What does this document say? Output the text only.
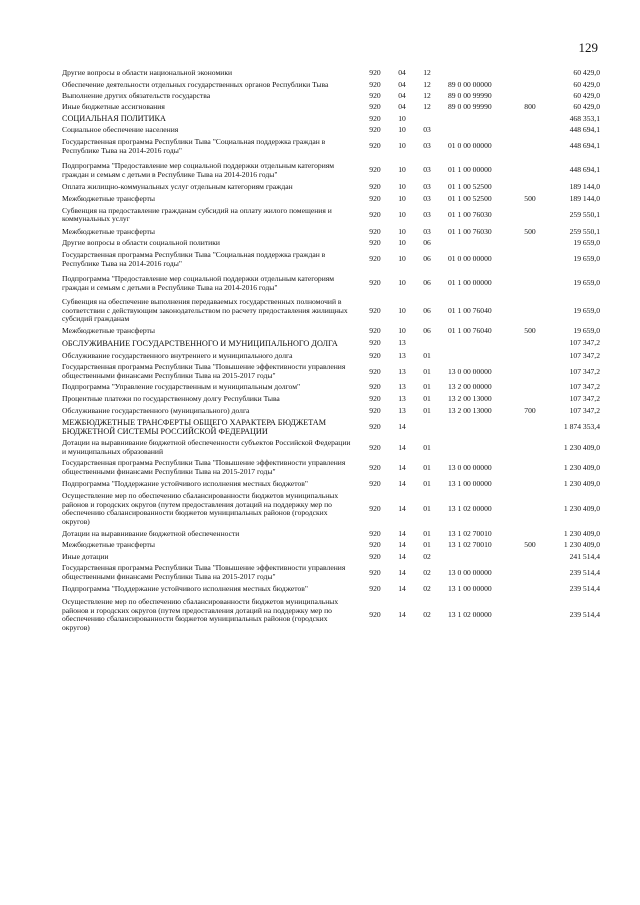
129
Другие вопросы в области национальной экономики	920	04	12			60 429,0
Обеспечение деятельности отдельных государственных органов Республики Тыва	920	04	12	89 0 00 00000		60 429,0
Выполнение других обязательств государства	920	04	12	89 0 00 99990		60 429,0
Иные бюджетные ассигнования	920	04	12	89 0 00 99990	800	60 429,0
СОЦИАЛЬНАЯ ПОЛИТИКА	920	10				468 353,1
Социальное обеспечение населения	920	10	03			448 694,1
Государственная программа Республики Тыва "Социальная поддержка граждан в Республике Тыва на 2014-2016 годы"	920	10	03	01 0 00 00000		448 694,1
Подпрограмма "Предоставление мер социальной поддержки отдельным категориям граждан и семьям с детьми в Республике Тыва на 2014-2016 годы"	920	10	03	01 1 00 00000		448 694,1
Оплата жилищно-коммунальных услуг отдельным категориям граждан	920	10	03	01 1 00 52500		189 144,0
Межбюджетные трансферты	920	10	03	01 1 00 52500	500	189 144,0
Субвенция на предоставление гражданам субсидий на оплату жилого помещения и коммунальных услуг	920	10	03	01 1 00 76030		259 550,1
Межбюджетные трансферты	920	10	03	01 1 00 76030	500	259 550,1
Другие вопросы в области социальной политики	920	10	06			19 659,0
Государственная программа Республики Тыва "Социальная поддержка граждан в Республике Тыва на 2014-2016 годы"	920	10	06	01 0 00 00000		19 659,0
Подпрограмма "Предоставление мер социальной поддержки отдельным категориям граждан и семьям с детьми в Республике Тыва на 2014-2016 годы"	920	10	06	01 1 00 00000		19 659,0
Субвенция на обеспечение выполнения передаваемых государственных полномочий в соответствии с действующим законодательством по расчету предоставления жилищных субсидий гражданам	920	10	06	01 1 00 76040		19 659,0
Межбюджетные трансферты	920	10	06	01 1 00 76040	500	19 659,0
ОБСЛУЖИВАНИЕ ГОСУДАРСТВЕННОГО И МУНИЦИПАЛЬНОГО ДОЛГА	920	13				107 347,2
Обслуживание государственного внутреннего и муниципального долга	920	13	01			107 347,2
Государственная программа Республики Тыва "Повышение эффективности управления общественными финансами Республики Тыва на 2015-2017 годы"	920	13	01	13 0 00 00000		107 347,2
Подпрограмма "Управление государственным и муниципальным долгом"	920	13	01	13 2 00 00000		107 347,2
Процентные платежи по государственному долгу Республики Тыва	920	13	01	13 2 00 13000		107 347,2
Обслуживание государственного (муниципального) долга	920	13	01	13 2 00 13000	700	107 347,2
МЕЖБЮДЖЕТНЫЕ ТРАНСФЕРТЫ ОБЩЕГО ХАРАКТЕРА БЮДЖЕТАМ БЮДЖЕТНОЙ СИСТЕМЫ РОССИЙСКОЙ ФЕДЕРАЦИИ	920	14				1 874 353,4
Дотации на выравнивание бюджетной обеспеченности субъектов Российской Федерации и муниципальных образований	920	14	01			1 230 409,0
Государственная программа Республики Тыва "Повышение эффективности управления общественными финансами Республики Тыва на 2015-2017 годы"	920	14	01	13 0 00 00000		1 230 409,0
Подпрограмма "Поддержание устойчивого исполнения местных бюджетов"	920	14	01	13 1 00 00000		1 230 409,0
Осуществление мер по обеспечению сбалансированности бюджетов муниципальных районов и городских округов (путем предоставления дотаций на поддержку мер по обеспечению сбалансированности бюджетов муниципальных районов (городских округов)	920	14	01	13 1 02 00000		1 230 409,0
Дотации на выравнивание бюджетной обеспеченности	920	14	01	13 1 02 70010		1 230 409,0
Межбюджетные трансферты	920	14	01	13 1 02 70010	500	1 230 409,0
Иные дотации	920	14	02			241 514,4
Государственная программа Республики Тыва "Повышение эффективности управления общественными финансами Республики Тыва на 2015-2017 годы"	920	14	02	13 0 00 00000		239 514,4
Подпрограмма "Поддержание устойчивого исполнения местных бюджетов"	920	14	02	13 1 00 00000		239 514,4
Осуществление мер по обеспечению сбалансированности бюджетов муниципальных районов и городских округов (путем предоставления дотаций на поддержку мер по обеспечению сбалансированности бюджетов муниципальных районов (городских округов)	920	14	02	13 1 02 00000		239 514,4
